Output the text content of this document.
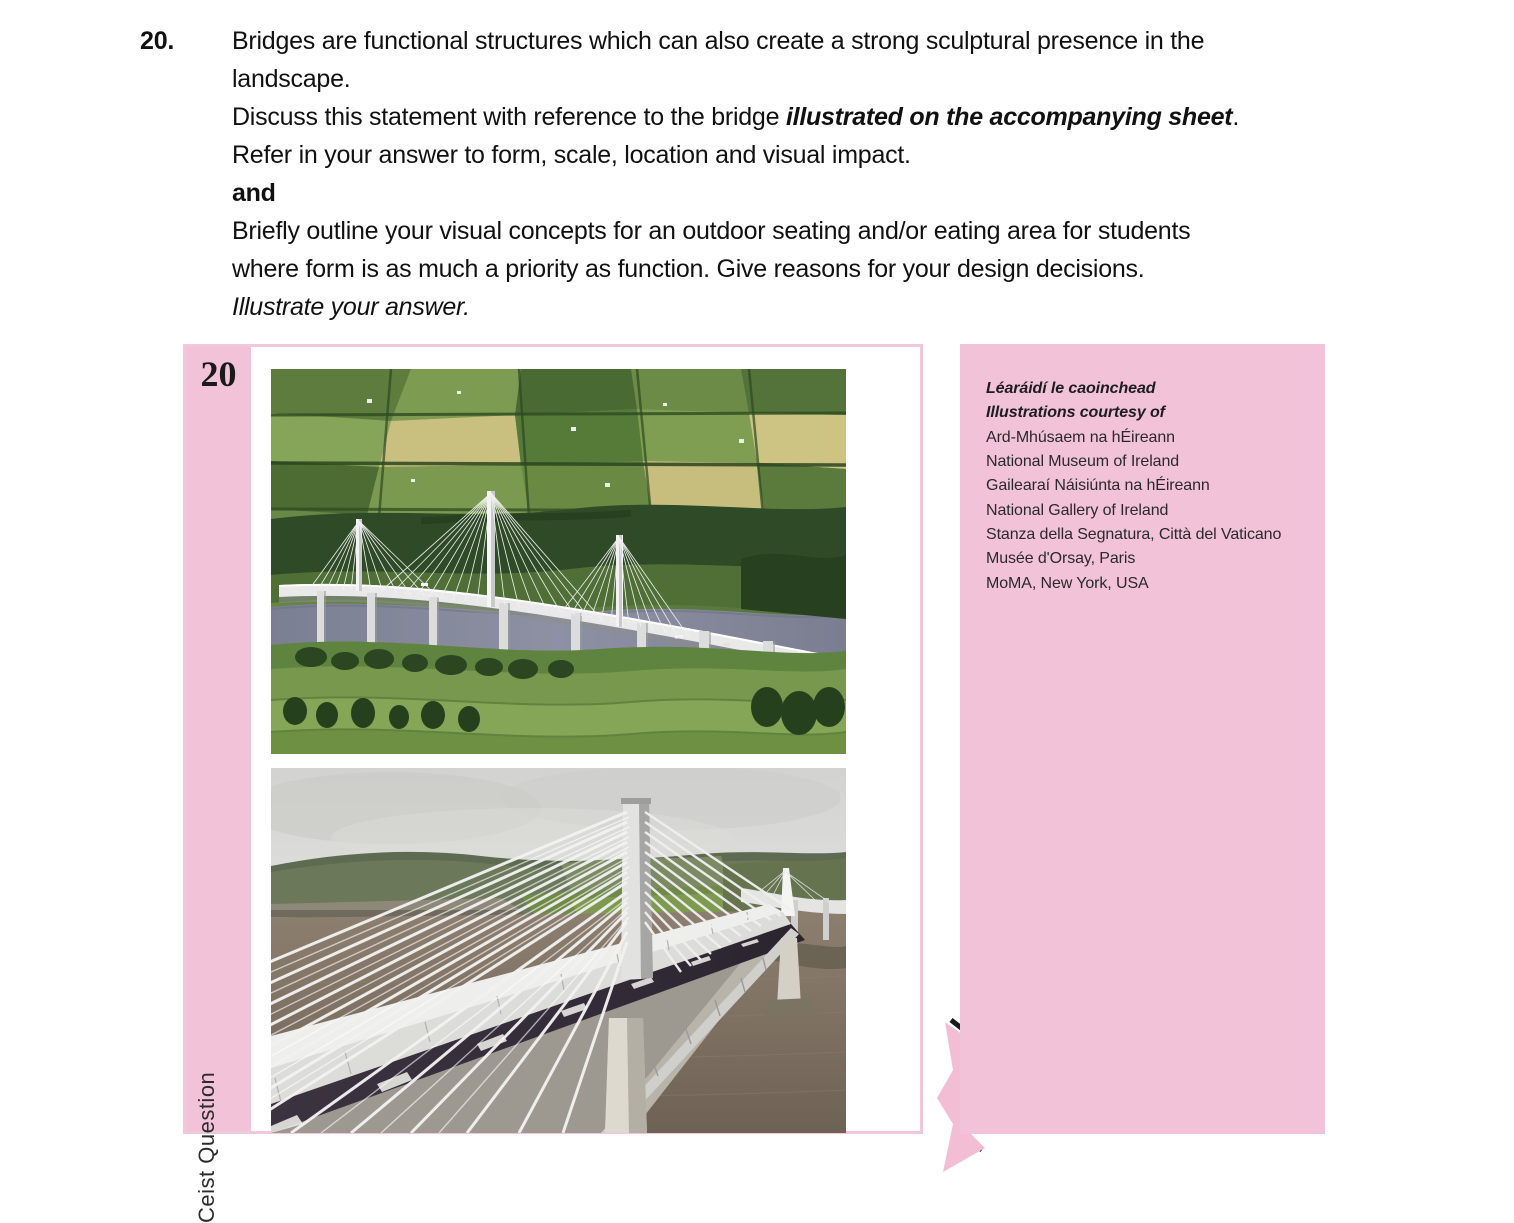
20.	Bridges are functional structures which can also create a strong sculptural presence in the
landscape.
Discuss this statement with reference to the bridge illustrated on the accompanying sheet.
Refer in your answer to form, scale, location and visual impact.
and
Briefly outline your visual concepts for an outdoor seating and/or eating area for students
where form is as much a priority as function. Give reasons for your design decisions.
Illustrate your answer.
20
Ceist Question
Léaráidí le caoinchead
Illustrations courtesy of
Ard-Mhúsaem na hÉireann
National Museum of Ireland
Gailearaí Náisiúnta na hÉireann
National Gallery of Ireland
Stanza della Segnatura, Città del Vaticano
Musée d'Orsay, Paris
MoMA, New York, USA
